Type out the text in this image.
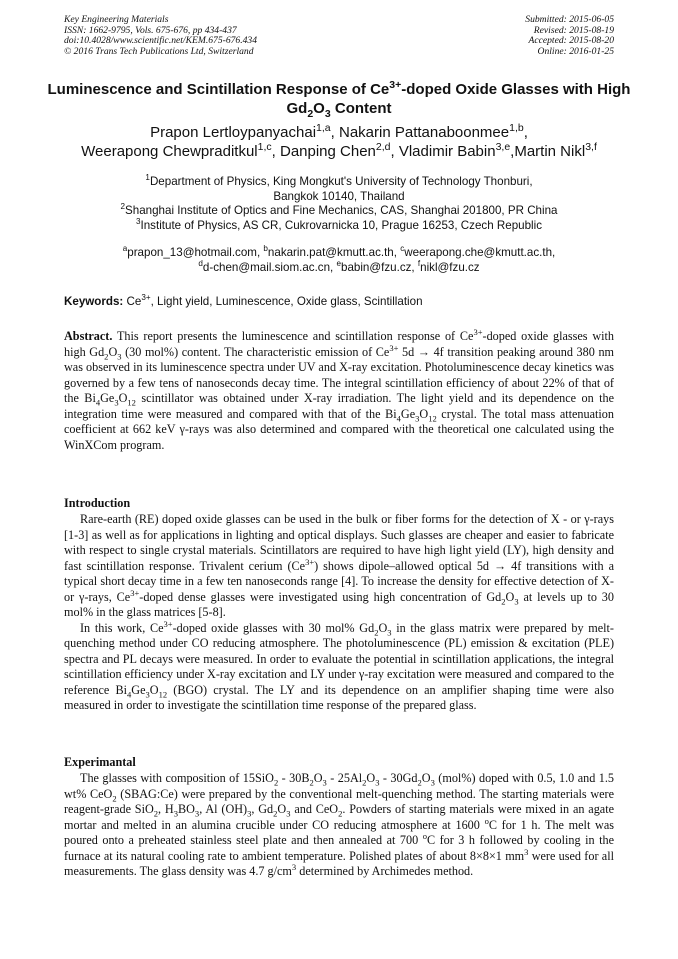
Key Engineering Materials
ISSN: 1662-9795, Vols. 675-676, pp 434-437
doi:10.4028/www.scientific.net/KEM.675-676.434
© 2016 Trans Tech Publications Ltd, Switzerland
Submitted: 2015-06-05
Revised: 2015-08-19
Accepted: 2015-08-20
Online: 2016-01-25
Luminescence and Scintillation Response of $Ce^{3+}$-doped Oxide Glasses with High $Gd_2O_3$ Content
Prapon Lertloypanyachai$^{1,a}$, Nakarin Pattanaboonmee$^{1,b}$,
Weerapong Chewpraditkul$^{1,c}$, Danping Chen$^{2,d}$, Vladimir Babin$^{3,e}$,Martin Nikl$^{3,f}$
$^1$Department of Physics, King Mongkut's University of Technology Thonburi,
Bangkok 10140, Thailand
$^2$Shanghai Institute of Optics and Fine Mechanics, CAS, Shanghai 201800, PR China
$^3$Institute of Physics, AS CR, Cukrovarnicka 10, Prague 16253, Czech Republic
$^a$prapon_13@hotmail.com, $^b$nakarin.pat@kmutt.ac.th, $^c$weerapong.che@kmutt.ac.th,
$^d$d-chen@mail.siom.ac.cn, $^e$babin@fzu.cz, $^f$nikl@fzu.cz
Keywords: $Ce^{3+}$, Light yield, Luminescence, Oxide glass, Scintillation

Abstract. This report presents the luminescence and scintillation response of $Ce^{3+}$-doped oxide glasses with high $Gd_2O_3$ (30 mol%) content. The characteristic emission of $Ce^{3+}$ 5d → 4f transition peaking around 380 nm was observed in its luminescence spectra under UV and X-ray excitation. Photoluminescence decay kinetics was governed by a few tens of nanoseconds decay time. The integral scintillation efficiency of about 22% of that of the $Bi_4Ge_3O_{12}$ scintillator was obtained under X-ray irradiation. The light yield and its dependence on the integration time were measured and compared with that of the $Bi_4Ge_3O_{12}$ crystal. The total mass attenuation coefficient at 662 keV γ-rays was also determined and compared with the theoretical one calculated using the WinXCom program.

Introduction

Rare-earth (RE) doped oxide glasses can be used in the bulk or fiber forms for the detection of X - or γ-rays [1-3] as well as for applications in lighting and optical displays. Such glasses are cheaper and easier to fabricate with respect to single crystal materials. Scintillators are required to have high light yield (LY), high density and fast scintillation response. Trivalent cerium $(Ce^{3+})$ shows dipole–allowed optical 5d → 4f transitions with a typical short decay time in a few ten nanoseconds range [4]. To increase the density for effective detection of X- or γ-rays, $Ce^{3+}$-doped dense glasses were investigated using high concentration of $Gd_2O_3$ at levels up to 30 mol% in the glass matrices [5-8].

In this work, $Ce^{3+}$-doped oxide glasses with 30 mol% $Gd_2O_3$ in the glass matrix were prepared by melt-quenching method under CO reducing atmosphere. The photoluminescence (PL) emission & excitation (PLE) spectra and PL decays were measured. In order to evaluate the potential in scintillation applications, the integral scintillation efficiency under X-ray excitation and LY under γ-ray excitation were measured and compared to the reference $Bi_4Ge_3O_{12}$ (BGO) crystal. The LY and its dependence on an amplifier shaping time were also measured in order to investigate the scintillation time response of the prepared glass.

Experimantal

The glasses with composition of $15SiO_2 - 30B_2O_3 - 25Al_2O_3 - 30Gd_2O_3$ (mol%) doped with 0.5, 1.0 and 1.5 wt% CeO$_2$ (SBAG:Ce) were prepared by the conventional melt-quenching method. The starting materials were reagent-grade SiO$_2$, $H_3BO_3$, Al $(OH)_3$, $Gd_2O_3$ and CeO$_2$. Powders of starting materials were mixed in an agate mortar and melted in an alumina crucible under CO reducing atmosphere at 1600 $^o$C for 1 h. The melt was poured onto a preheated stainless steel plate and then annealed at 700 $^o$C for 3 h followed by cooling in the furnace at its natural cooling rate to ambient temperature. Polished plates of about 8×8×1 $mm^3$ were used for all measurements. The glass density was 4.7 $g/cm^3$ determined by Archimedes method.
